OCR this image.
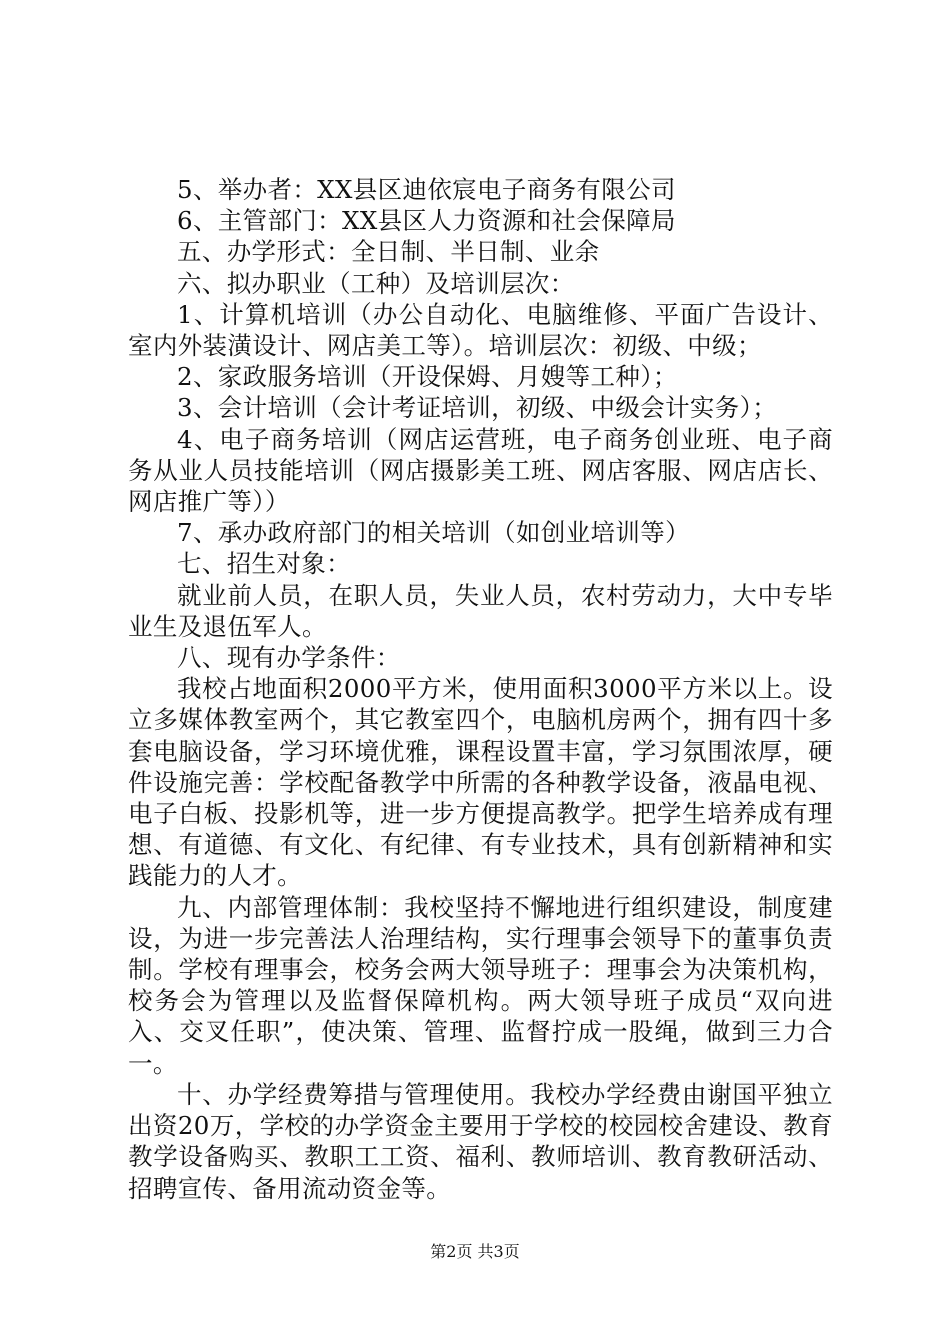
5、举办者：XX县区迪依宸电子商务有限公司

6、主管部门：XX县区人力资源和社会保障局

五、办学形式：全日制、半日制、业余

六、拟办职业（工种）及培训层次：

1、计算机培训（办公自动化、电脑维修、平面广告设计、室内外装潢设计、网店美工等）。培训层次：初级、中级；

2、家政服务培训（开设保姆、月嫂等工种）；

3、会计培训（会计考证培训，初级、中级会计实务）；

4、电子商务培训（网店运营班，电子商务创业班、电子商务从业人员技能培训（网店摄影美工班、网店客服、网店店长、网店推广等））

7、承办政府部门的相关培训（如创业培训等）

七、招生对象：

就业前人员，在职人员，失业人员，农村劳动力，大中专毕业生及退伍军人。

八、现有办学条件：

我校占地面积2000平方米，使用面积3000平方米以上。设立多媒体教室两个，其它教室四个，电脑机房两个，拥有四十多套电脑设备，学习环境优雅，课程设置丰富，学习氛围浓厚，硬件设施完善：学校配备教学中所需的各种教学设备，液晶电视、电子白板、投影机等，进一步方便提高教学。把学生培养成有理想、有道德、有文化、有纪律、有专业技术，具有创新精神和实践能力的人才。

九、内部管理体制：我校坚持不懈地进行组织建设，制度建设，为进一步完善法人治理结构，实行理事会领导下的董事负责制。学校有理事会，校务会两大领导班子：理事会为决策机构，校务会为管理以及监督保障机构。两大领导班子成员“双向进入、交叉任职”，使决策、管理、监督拧成一股绳，做到三力合一。

十、办学经费筹措与管理使用。我校办学经费由谢国平独立出资20万，学校的办学资金主要用于学校的校园校舍建设、教育教学设备购买、教职工工资、福利、教师培训、教育教研活动、招聘宣传、备用流动资金等。

第2页 共3页
